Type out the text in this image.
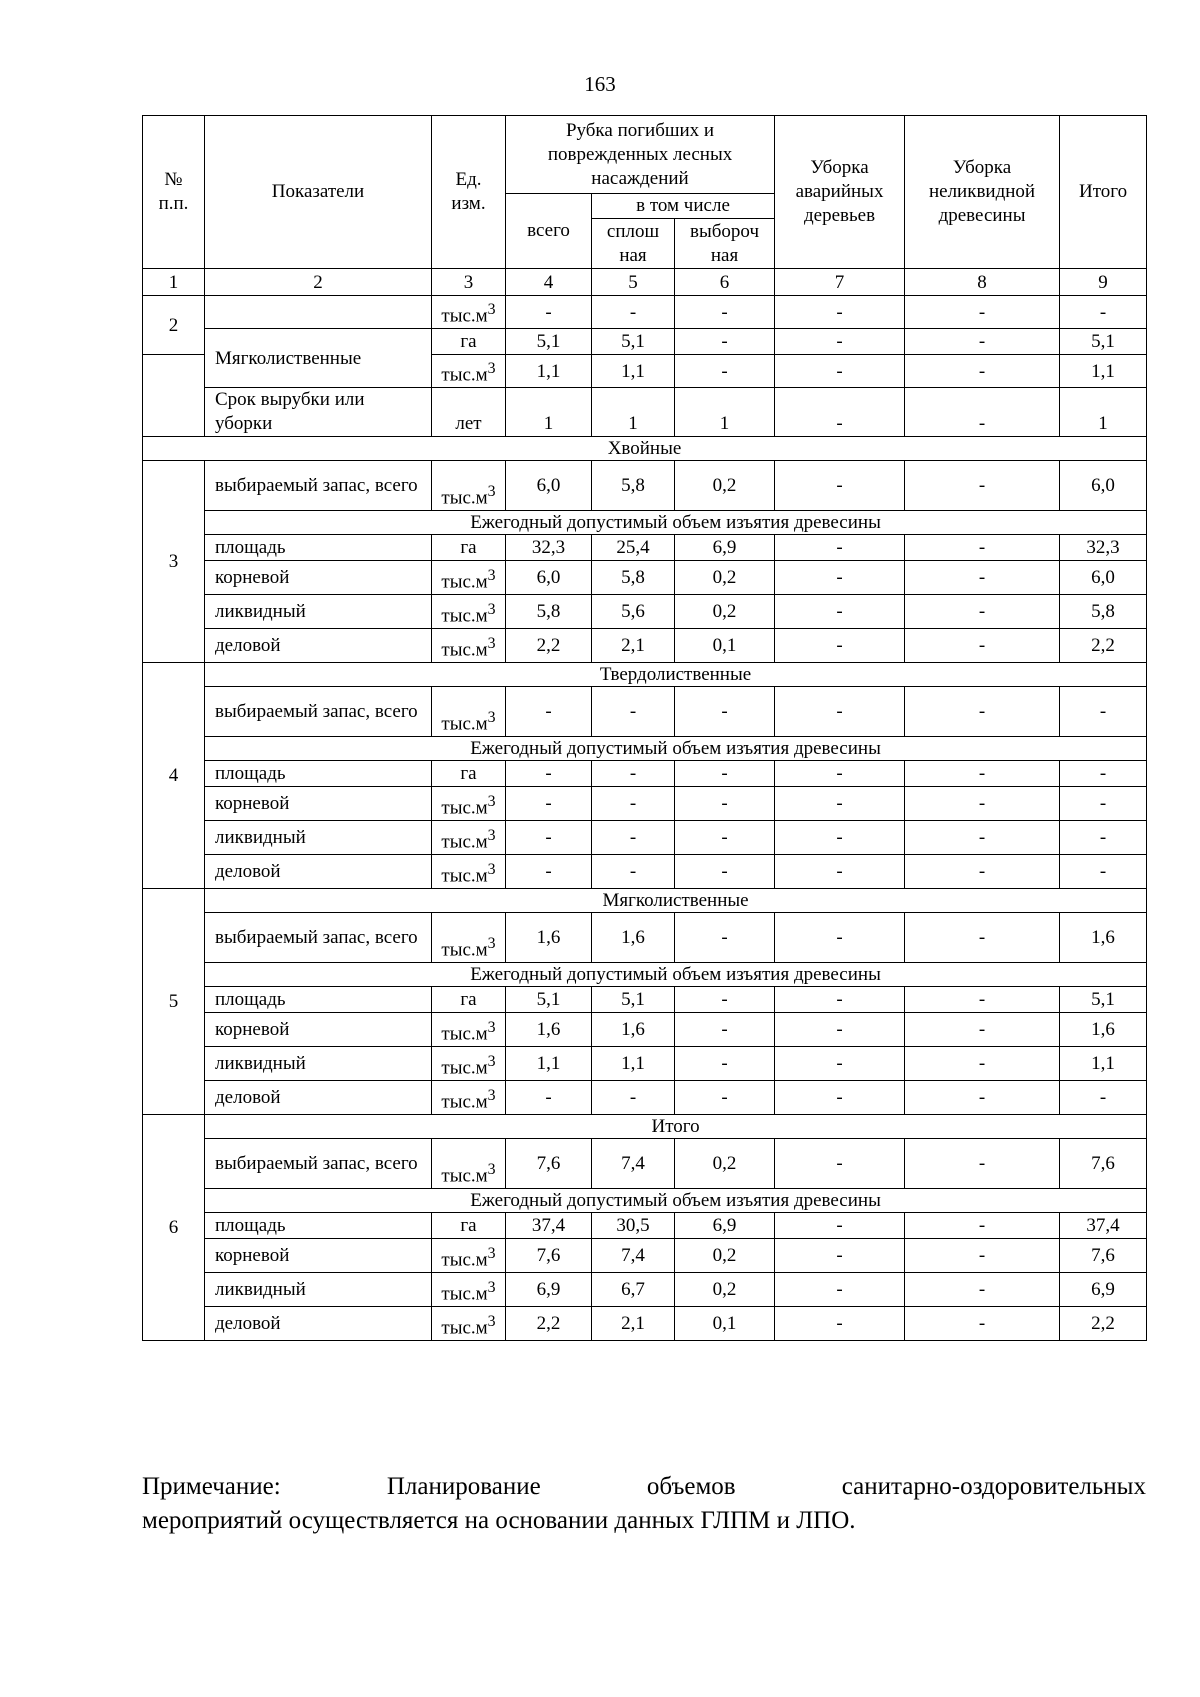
163
№ п.п.	Показатели	Ед. изм.	Рубка погибших и поврежденных лесных насаждений			Уборка аварийных деревьев	Уборка неликвидной древесины	Итого
			всего	в том числе				
				сплош ная	выбороч ная			
1	2	3	4	5	6	7	8	9
2		$тыс.м^3$	-	-	-	-	-	-
	Мягколиственные	га	5,1	5,1	-	-	-	5,1
		$тыс.м^3$	1,1	1,1	-	-	-	1,1
	Срок вырубки или уборки	лет	1	1	1	-	-	1
Хвойные								
3	выбираемый запас, всего	$тыс.м^3$	6,0	5,8	0,2	-	-	6,0
	Ежегодный допустимый объем изъятия древесины							
	площадь	га	32,3	25,4	6,9	-	-	32,3
	корневой	$тыс.м^3$	6,0	5,8	0,2	-	-	6,0
	ликвидный	$тыс.м^3$	5,8	5,6	0,2	-	-	5,8
	деловой	$тыс.м^3$	2,2	2,1	0,1	-	-	2,2
4	Твердолиственные							
	выбираемый запас, всего	$тыс.м^3$	-	-	-	-	-	-
	Ежегодный допустимый объем изъятия древесины							
	площадь	га	-	-	-	-	-	-
	корневой	$тыс.м^3$	-	-	-	-	-	-
	ликвидный	$тыс.м^3$	-	-	-	-	-	-
	деловой	$тыс.м^3$	-	-	-	-	-	-
5	Мягколиственные							
	выбираемый запас, всего	$тыс.м^3$	1,6	1,6	-	-	-	1,6
	Ежегодный допустимый объем изъятия древесины							
	площадь	га	5,1	5,1	-	-	-	5,1
	корневой	$тыс.м^3$	1,6	1,6	-	-	-	1,6
	ликвидный	$тыс.м^3$	1,1	1,1	-	-	-	1,1
	деловой	$тыс.м^3$	-	-	-	-	-	-
6	Итого							
	выбираемый запас, всего	$тыс.м^3$	7,6	7,4	0,2	-	-	7,6
	Ежегодный допустимый объем изъятия древесины							
	площадь	га	37,4	30,5	6,9	-	-	37,4
	корневой	$тыс.м^3$	7,6	7,4	0,2	-	-	7,6
	ликвидный	$тыс.м^3$	6,9	6,7	0,2	-	-	6,9
	деловой	$тыс.м^3$	2,2	2,1	0,1	-	-	2,2
Примечание:	Планирование	объемов	санитарно-оздоровительных
мероприятий осуществляется на основании данных ГЛПМ и ЛПО.
